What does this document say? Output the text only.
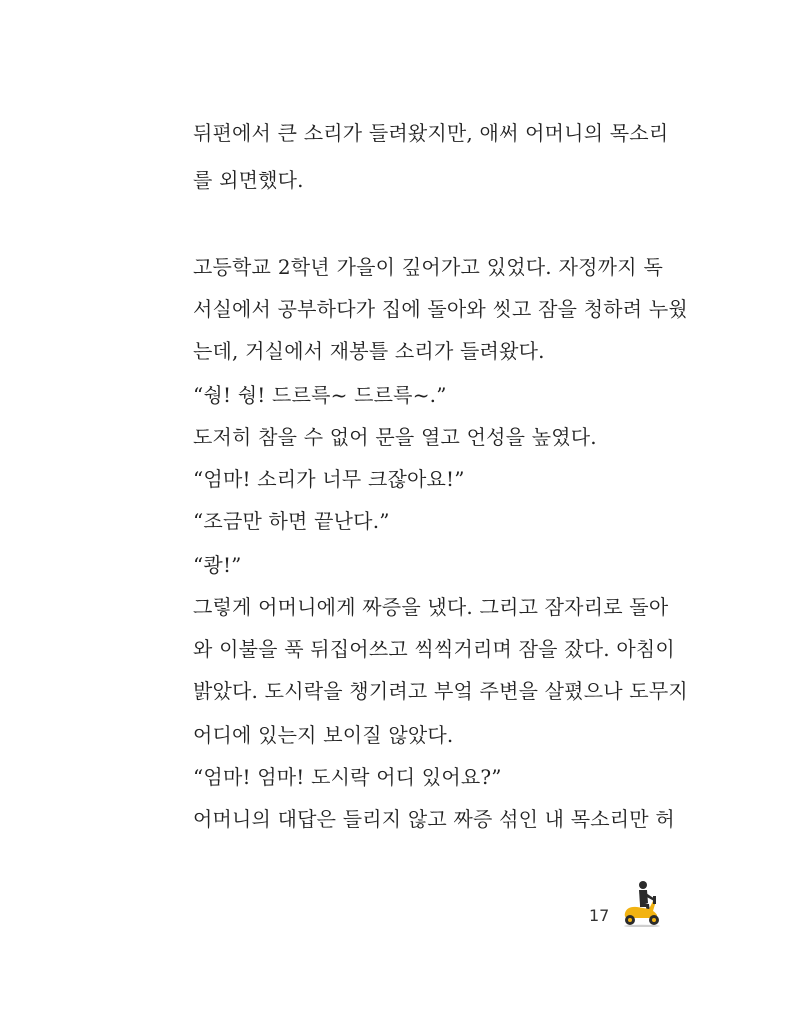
뒤편에서 큰 소리가 들려왔지만, 애써 어머니의 목소리
를 외면했다.
고등학교 2학년 가을이 깊어가고 있었다. 자정까지 독
서실에서 공부하다가 집에 돌아와 씻고 잠을 청하려 누웠
는데, 거실에서 재봉틀 소리가 들려왔다.
“쉉! 쉉! 드르륵~ 드르륵~.”
도저히 참을 수 없어 문을 열고 언성을 높였다.
“엄마! 소리가 너무 크잖아요!”
“조금만 하면 끝난다.”
“쾅!”
그렇게 어머니에게 짜증을 냈다. 그리고 잠자리로 돌아
와 이불을 푹 뒤집어쓰고 씩씩거리며 잠을 잤다. 아침이
밝았다. 도시락을 챙기려고 부엌 주변을 살폈으나 도무지
어디에 있는지 보이질 않았다.
“엄마! 엄마! 도시락 어디 있어요?”
어머니의 대답은 들리지 않고 짜증 섞인 내 목소리만 허
17
